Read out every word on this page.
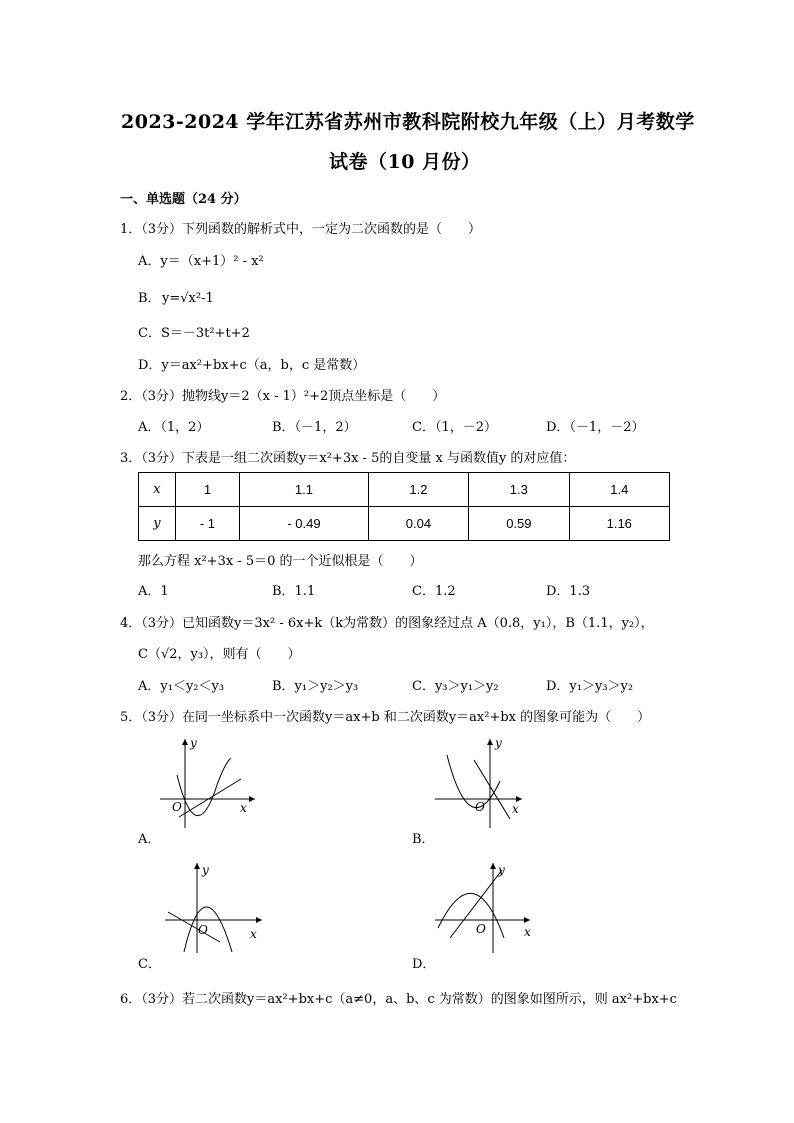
2023-2024 学年江苏省苏州市教科院附校九年级（上）月考数学
试卷（10 月份）
一、单选题（24 分）
1．（3分）下列函数的解析式中，一定为二次函数的是（　　）
A．y＝（x+1）² - x²
B． y=√x²-1
C．S＝－3t²+t+2
D．y＝ax²+bx+c（a，b，c 是常数）
2．（3分）抛物线y＝2（x - 1）²+2顶点坐标是（　　）
A．（1，2）	B．（－1，2）	C．（1，－2）	D．（－1，－2）
3．（3分）下表是一组二次函数y＝x²+3x - 5的自变量 x 与函数值y 的对应值：
x	1	1.1	1.2	1.3	1.4
y	- 1	- 0.49	0.04	0.59	1.16
那么方程 x²+3x - 5＝0 的一个近似根是（　　）
A．1	B．1.1	C．1.2	D．1.3
4．（3分）已知函数y＝3x² - 6x+k（k为常数）的图象经过点 A（0.8，y₁），B（1.1，y₂），
C（√2，y₃），则有（　　）
A．y₁＜y₂＜y₃	B．y₁＞y₂＞y₃	C．y₃＞y₁＞y₂	D．y₁＞y₃＞y₂
5．（3分）在同一坐标系中一次函数y＝ax+b 和二次函数y＝ax²+bx 的图象可能为（　　）
y
x
O
A．
y
x
O
B．
y
x
O
C．
y
x
O
D．
6．（3分）若二次函数y＝ax²+bx+c（a≠0，a、b、c 为常数）的图象如图所示，则 ax²+bx+c
